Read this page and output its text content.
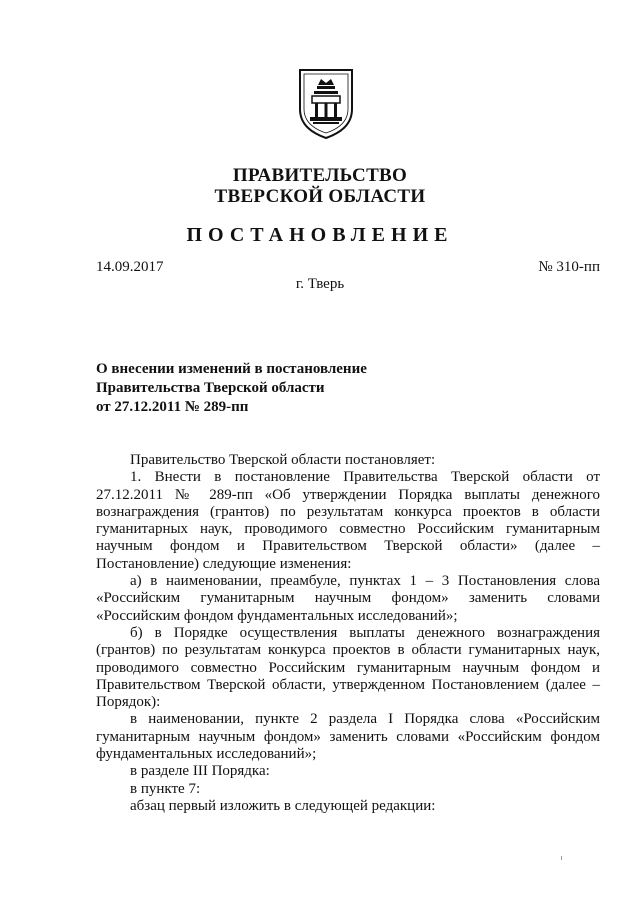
ПРАВИТЕЛЬСТВО
ТВЕРСКОЙ ОБЛАСТИ
ПОСТАНОВЛЕНИЕ
14.09.2017	№ 310-пп
г. Тверь
О внесении изменений в постановление
Правительства Тверской области
от 27.12.2011 № 289-пп

Правительство Тверской области постановляет:

1. Внести в постановление Правительства Тверской области от 27.12.2011 № 289-пп «Об утверждении Порядка выплаты денежного вознаграждения (грантов) по результатам конкурса проектов в области гуманитарных наук, проводимого совместно Российским гуманитарным научным фондом и Правительством Тверской области» (далее – Постановление) следующие изменения:

а) в наименовании, преамбуле, пунктах 1 – 3 Постановления слова «Российским гуманитарным научным фондом» заменить словами «Российским фондом фундаментальных исследований»;

б) в Порядке осуществления выплаты денежного вознаграждения (грантов) по результатам конкурса проектов в области гуманитарных наук, проводимого совместно Российским гуманитарным научным фондом и Правительством Тверской области, утвержденном Постановлением (далее – Порядок):

в наименовании, пункте 2 раздела I Порядка слова «Российским гуманитарным научным фондом» заменить словами «Российским фондом фундаментальных исследований»;

в разделе III Порядка:

в пункте 7:

абзац первый изложить в следующей редакции:
